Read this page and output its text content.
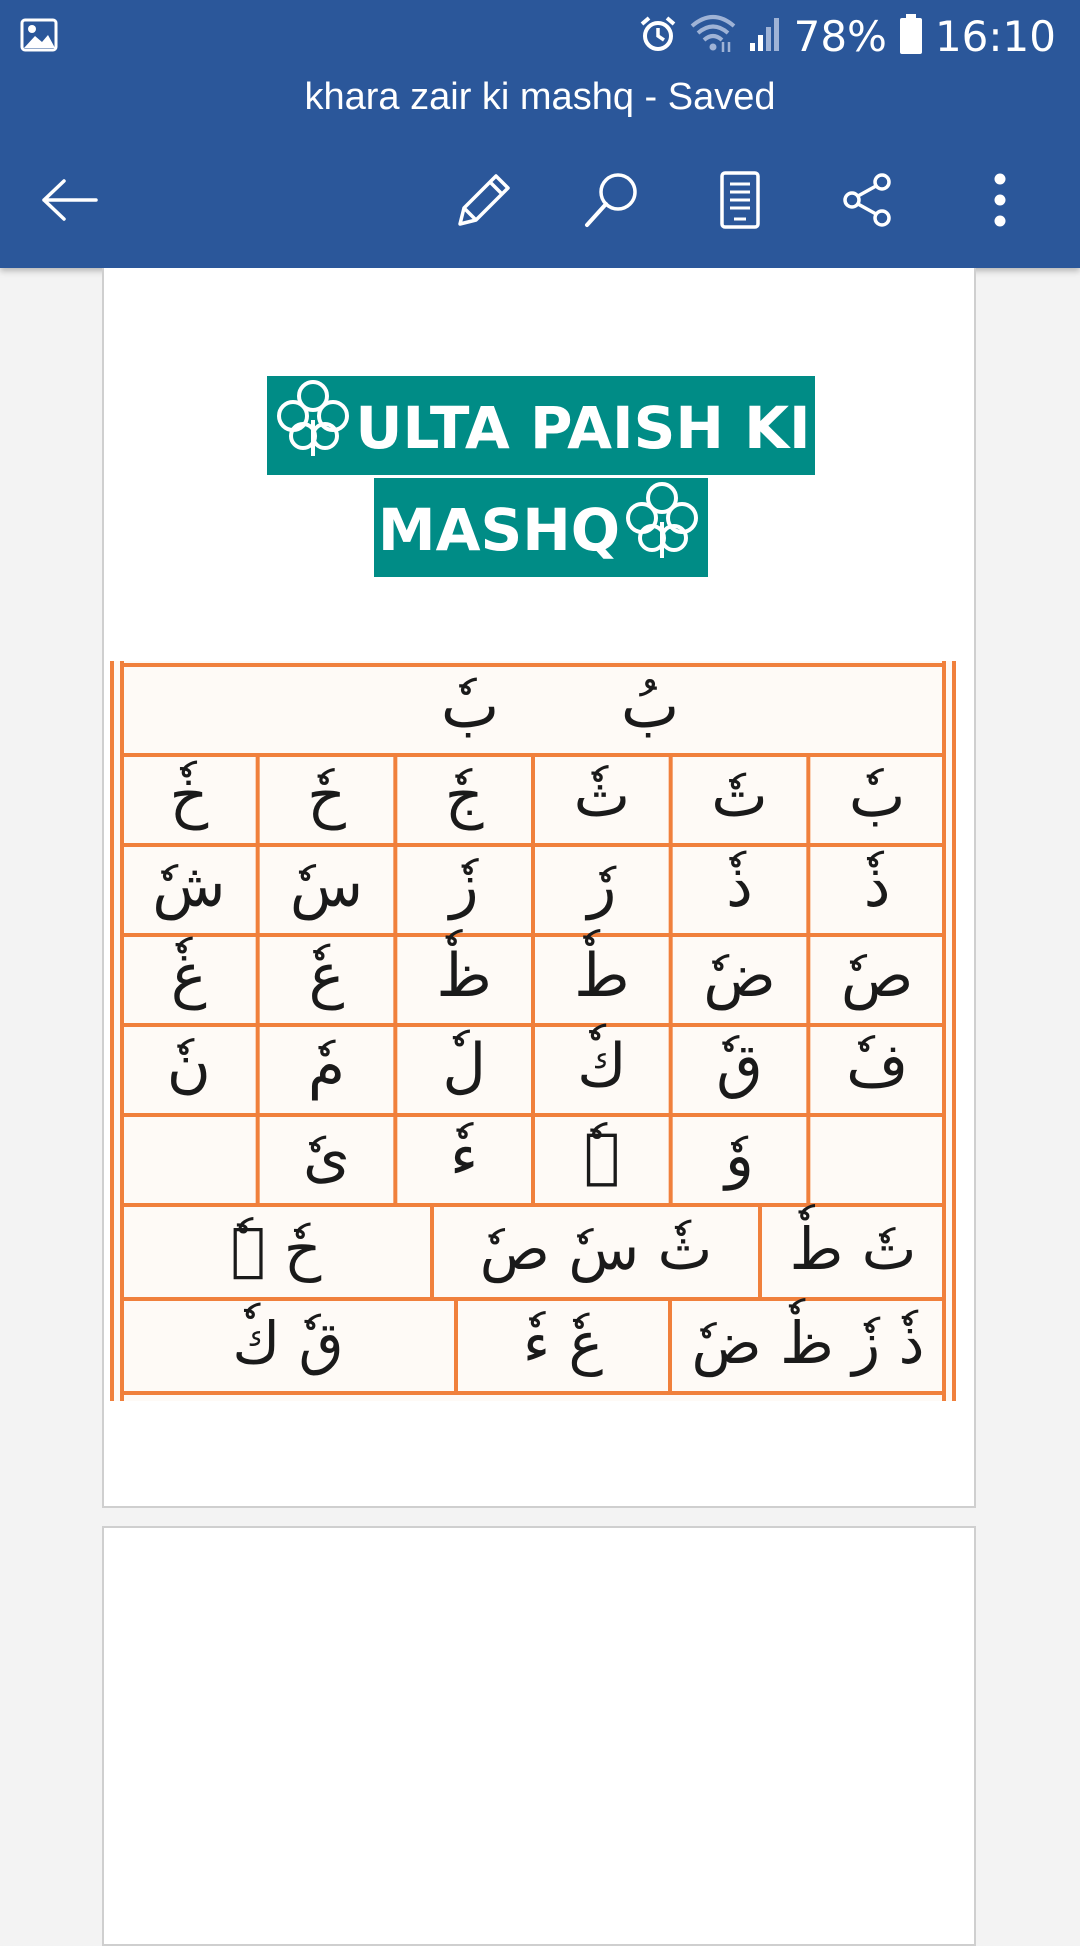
78% 16:10
khara zair ki mashq - Saved
ULTA PAISH KI
MASHQ
بُ
بٗ
بٗ
تٗ
ثٗ
جٗ
حٗ
خٗ
ذٗ
ذٗ
رٗ
زٗ
سٗ
شٗ
صٗ
ضٗ
طٗ
ظٗ
عٗ
غٗ
فٗ
قٗ
كٗ
لٗ
مٗ
نٗ
وٗ
ہٗ
ءٗ
یٗ
تٗ طٗ
ثٗ سٗ صٗ
حٗ ہٗ
ذٗ زٗ ظٗ ضٗ
عٗ ءٗ
قٗ كٗ
